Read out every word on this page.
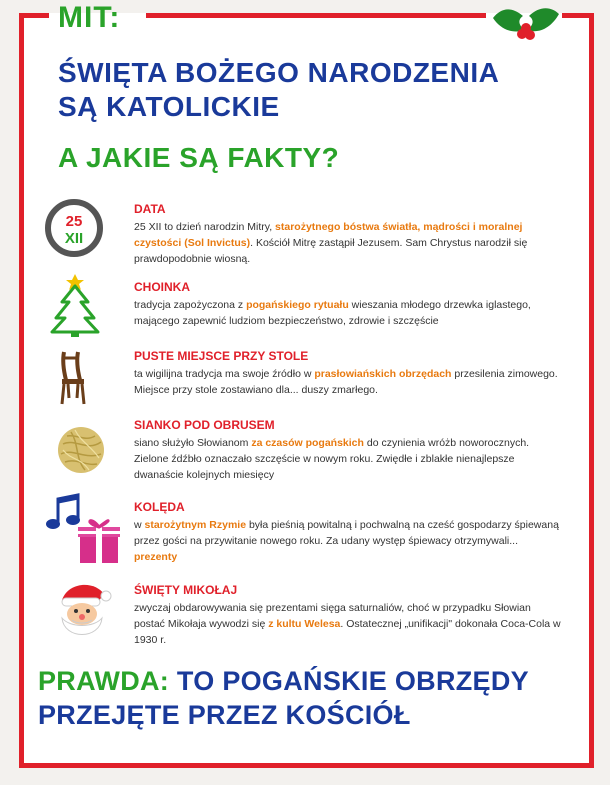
MIT:
ŚWIĘTA BOŻEGO NARODZENIA
SĄ KATOLICKIE
A JAKIE SĄ FAKTY?
25
XII
DATA

25 XII to dzień narodzin Mitry, starożytnego bóstwa światła, mądrości i moralnej czystości (Sol Invictus). Kościół Mitrę zastąpił Jezusem. Sam Chrystus narodził się prawdopodobnie wiosną.

CHOINKA

tradycja zapożyczona z pogańskiego rytuału wieszania młodego drzewka iglastego, mającego zapewnić ludziom bezpieczeństwo, zdrowie i szczęście

PUSTE MIEJSCE PRZY STOLE

ta wigilijna tradycja ma swoje źródło w prasłowiańskich obrzędach przesilenia zimowego. Miejsce przy stole zostawiano dla... duszy zmarłego.

SIANKO POD OBRUSEM

siano służyło Słowianom za czasów pogańskich do czynienia wróżb noworocznych. Zielone źdźbło oznaczało szczęście w nowym roku. Zwiędłe i zblakłe nienajlepsze dwanaście kolejnych miesięcy

KOLĘDA

w starożytnym Rzymie była pieśnią powitalną i pochwalną na cześć gospodarzy śpiewaną przez gości na przywitanie nowego roku. Za udany występ śpiewacy otrzymywali... prezenty

ŚWIĘTY MIKOŁAJ

zwyczaj obdarowywania się prezentami sięga saturnaliów, choć w przypadku Słowian postać Mikołaja wywodzi się z kultu Welesa. Ostatecznej „unifikacji" dokonała Coca-Cola w 1930 r.

PRAWDA: TO POGAŃSKIE OBRZĘDY
PRZEJĘTE PRZEZ KOŚCIÓŁ
